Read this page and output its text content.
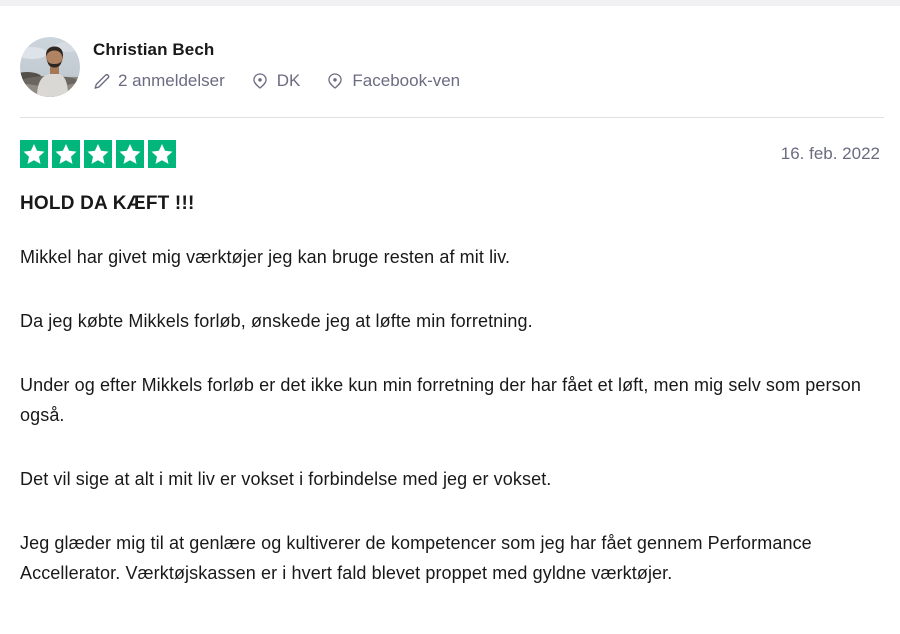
Christian Bech
2 anmeldelser	DK	Facebook-ven
16. feb. 2022
HOLD DA KÆFT !!!

Mikkel har givet mig værktøjer jeg kan bruge resten af mit liv.

Da jeg købte Mikkels forløb, ønskede jeg at løfte min forretning.

Under og efter Mikkels forløb er det ikke kun min forretning der har fået et løft, men mig selv som person også.

Det vil sige at alt i mit liv er vokset i forbindelse med jeg er vokset.

Jeg glæder mig til at genlære og kultiverer de kompetencer som jeg har fået gennem Performance Accellerator. Værktøjskassen er i hvert fald blevet proppet med gyldne værktøjer.
